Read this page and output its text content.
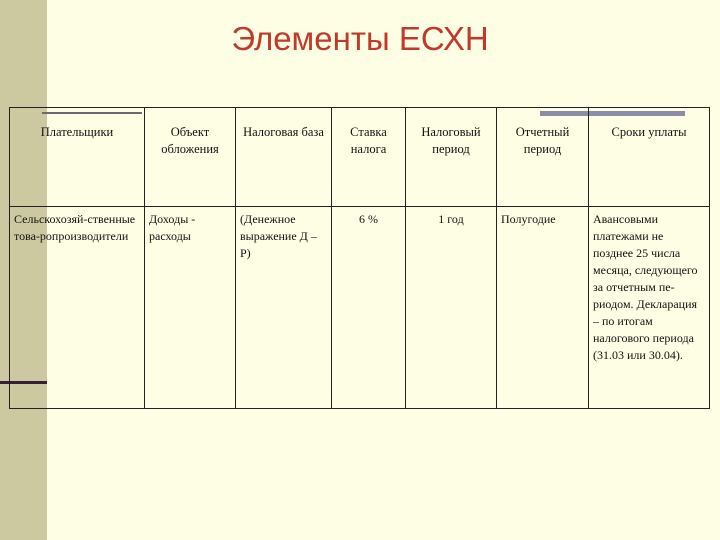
Элементы ЕСХН
Плательщики	Объект обложения	Налоговая база	Ставка налога	Налоговый период	Отчетный период	Сроки уплаты
Сельскохозяй-ственные това-ропроизводители	Доходы - расходы	(Денежное выражение Д – Р)	6 %	1 год	Полугодие	Авансовыми платежами не позднее 25 числа месяца, следующего за отчетным пе-риодом. Декларация – по итогам налогового периода (31.03 или 30.04).
